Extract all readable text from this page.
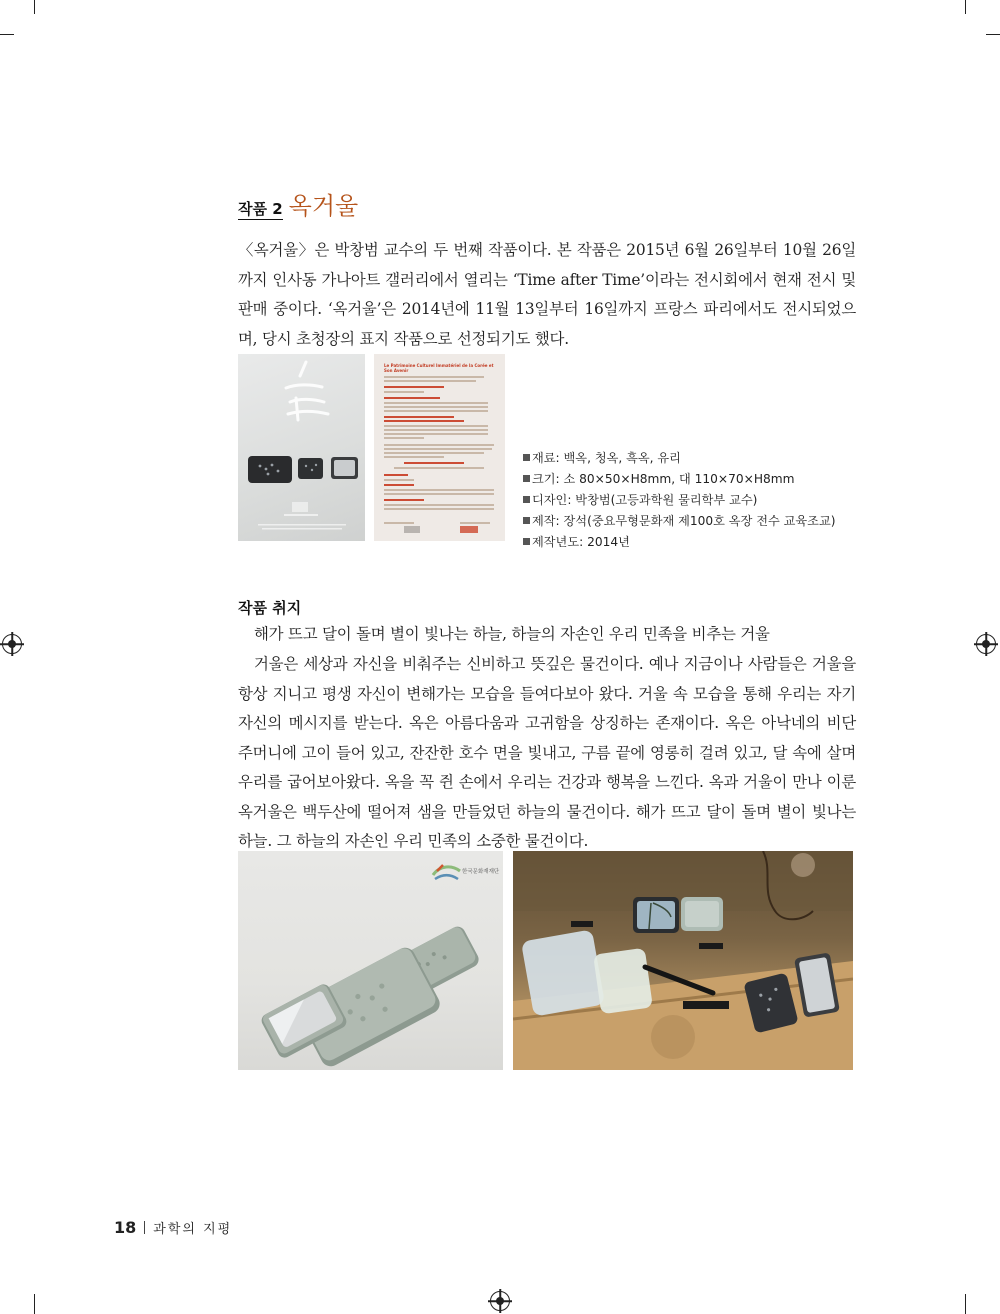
작품 2 옥거울
〈옥거울〉은 박창범 교수의 두 번째 작품이다. 본 작품은 2015년 6월 26일부터 10월 26일까지 인사동 가나아트 갤러리에서 열리는 ‘Time after Time’이라는 전시회에서 현재 전시 및 판매 중이다. ‘옥거울’은 2014년에 11월 13일부터 16일까지 프랑스 파리에서도 전시되었으며, 당시 초청장의 표지 작품으로 선정되기도 했다.
Le Patrimoine Culturel Immatériel de la Corée et Son Avenir
재료: 백옥, 청옥, 흑옥, 유리
크기: 소 80×50×H8mm, 대 110×70×H8mm
디자인: 박창범(고등과학원 물리학부 교수)
제작: 장석(중요무형문화재 제100호 옥장 전수 교육조교)
제작년도: 2014년
작품 취지
해가 뜨고 달이 돌며 별이 빛나는 하늘, 하늘의 자손인 우리 민족을 비추는 거울
거울은 세상과 자신을 비춰주는 신비하고 뜻깊은 물건이다. 예나 지금이나 사람들은 거울을 항상 지니고 평생 자신이 변해가는 모습을 들여다보아 왔다. 거울 속 모습을 통해 우리는 자기 자신의 메시지를 받는다. 옥은 아름다움과 고귀함을 상징하는 존재이다. 옥은 아낙네의 비단 주머니에 고이 들어 있고, 잔잔한 호수 면을 빛내고, 구름 끝에 영롱히 걸려 있고, 달 속에 살며 우리를 굽어보아왔다. 옥을 꼭 쥔 손에서 우리는 건강과 행복을 느낀다. 옥과 거울이 만나 이룬 옥거울은 백두산에 떨어져 샘을 만들었던 하늘의 물건이다. 해가 뜨고 달이 돌며 별이 빛나는 하늘. 그 하늘의 자손인 우리 민족의 소중한 물건이다.
한국문화재재단
18 과학의 지평
